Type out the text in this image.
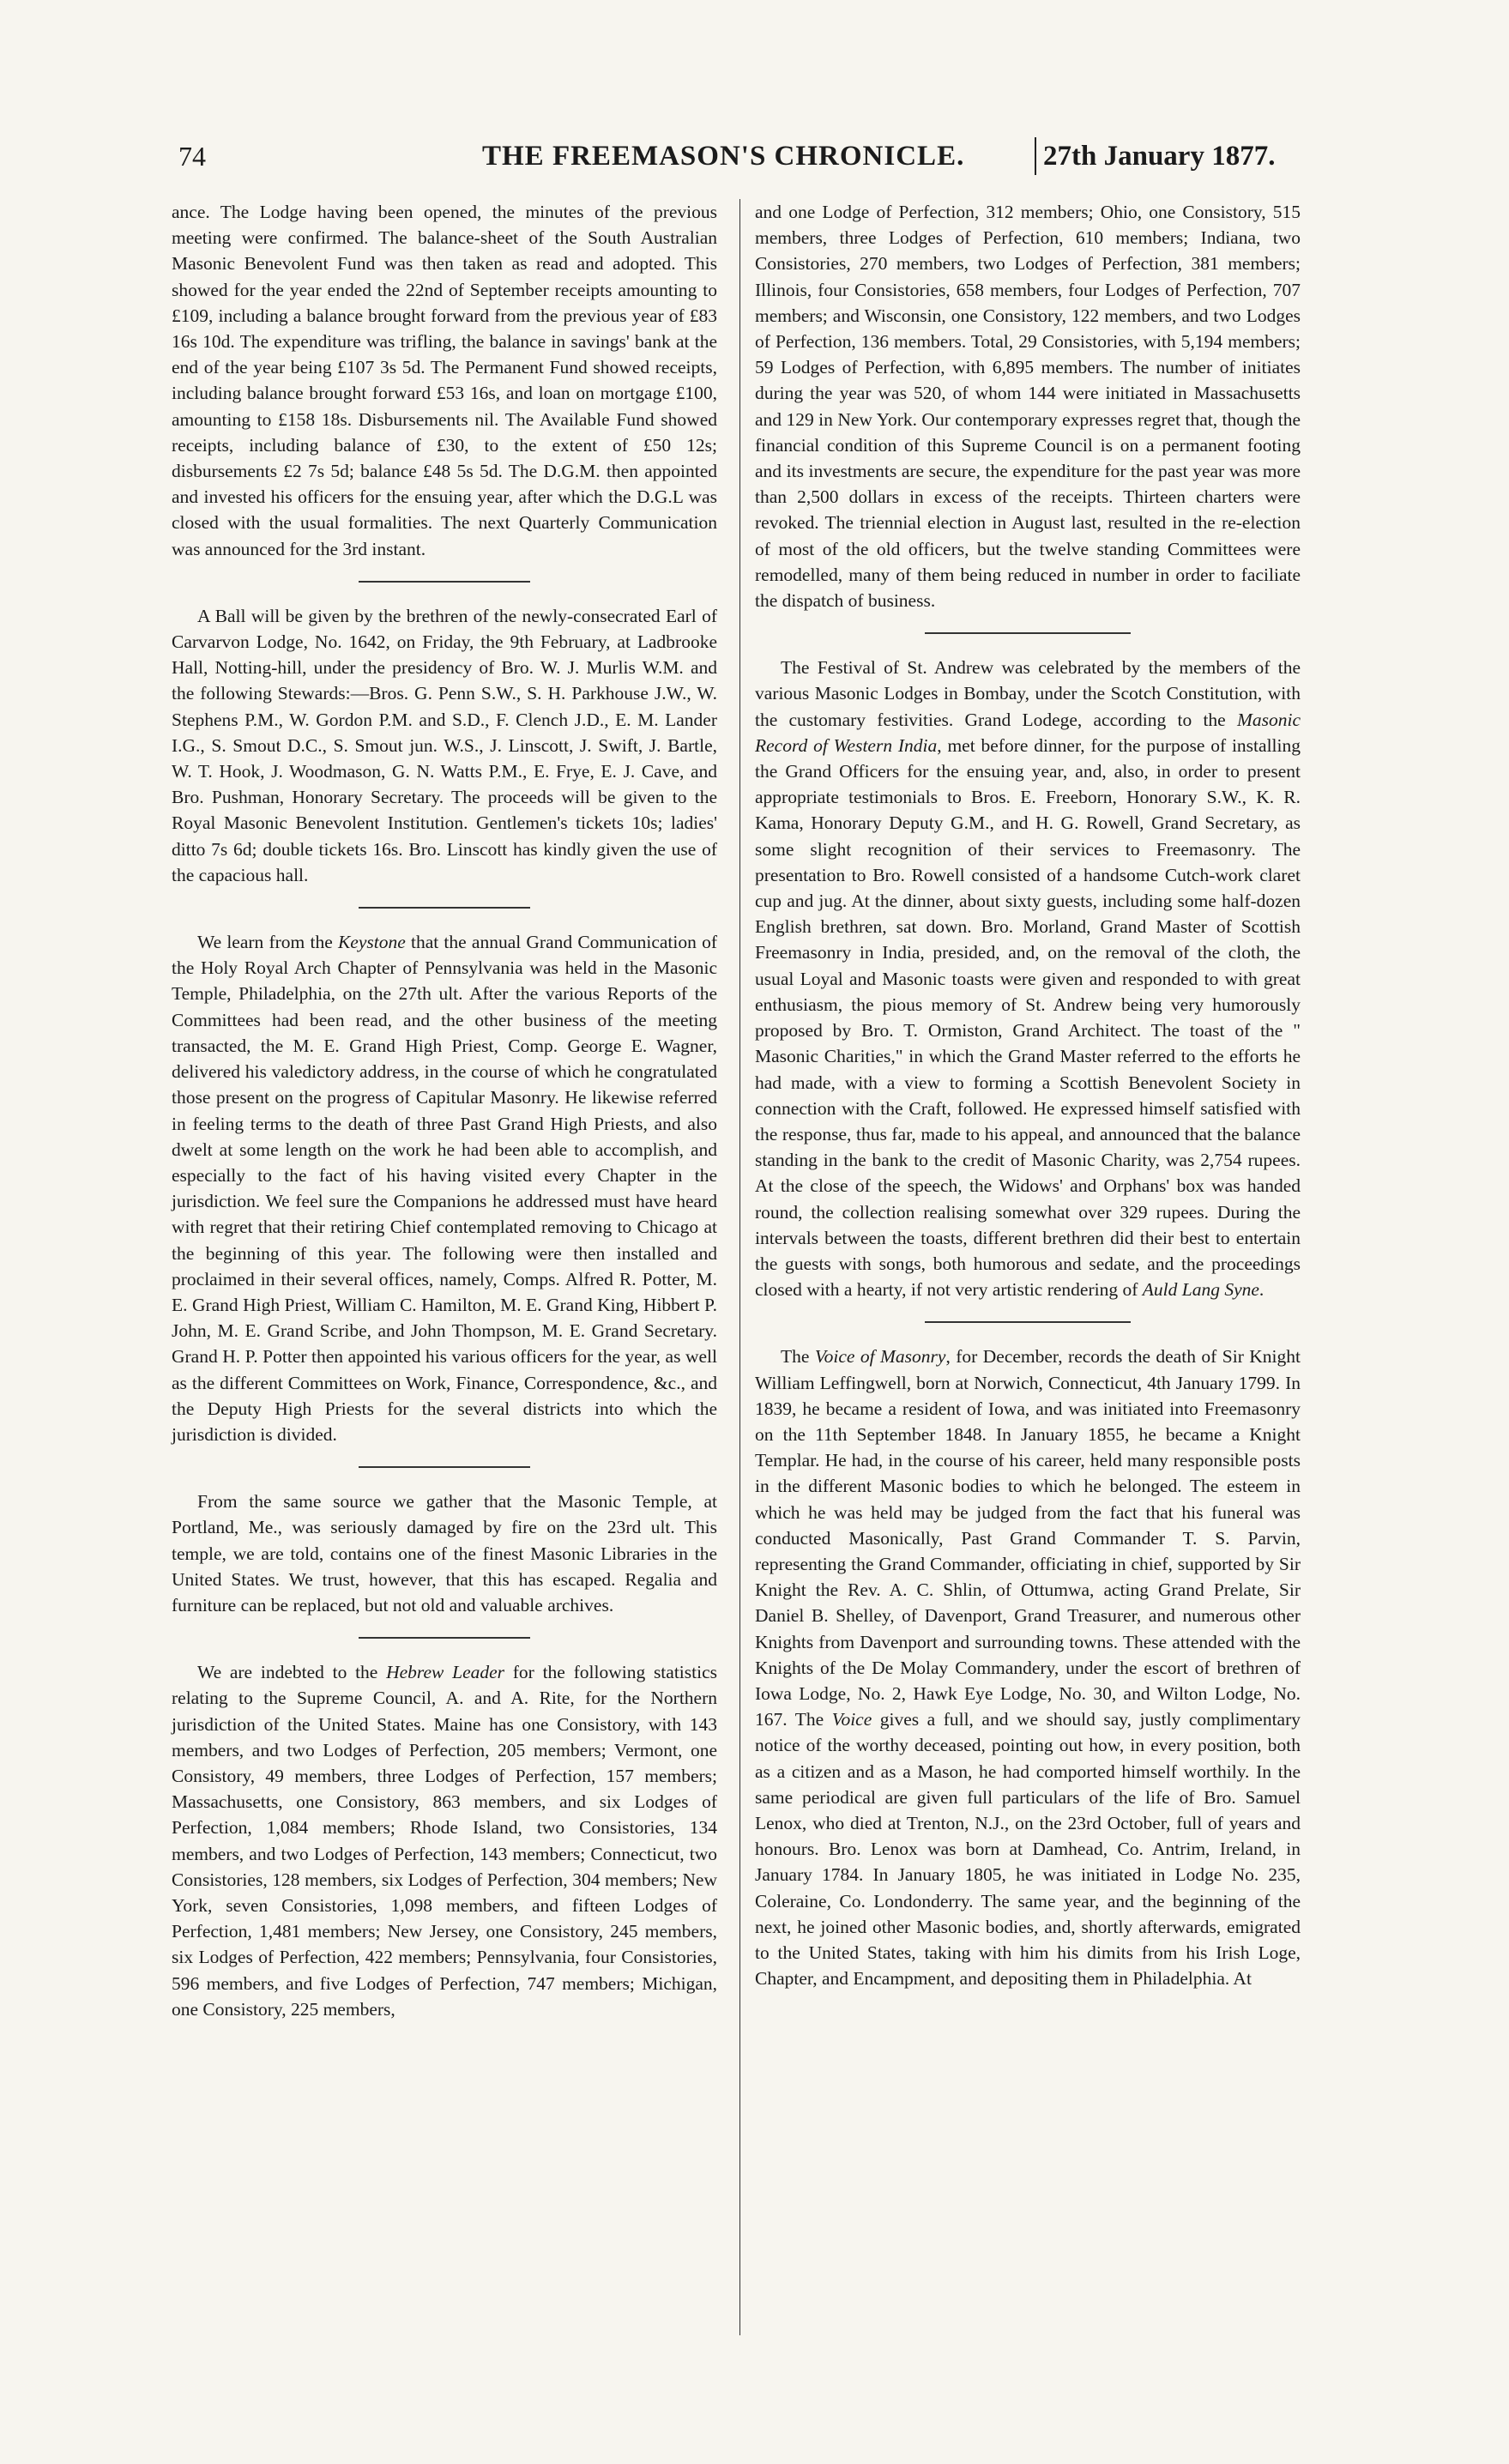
74	THE FREEMASON'S CHRONICLE.	27th January 1877.

ance. The Lodge having been opened, the minutes of the previous meeting were confirmed. The balance-sheet of the South Australian Masonic Benevolent Fund was then taken as read and adopted. This showed for the year ended the 22nd of September receipts amounting to £109, including a balance brought forward from the previous year of £83 16s 10d. The expenditure was trifling, the balance in savings' bank at the end of the year being £107 3s 5d. The Permanent Fund showed receipts, including balance brought forward £53 16s, and loan on mortgage £100, amounting to £158 18s. Disbursements nil. The Available Fund showed receipts, including balance of £30, to the extent of £50 12s; disbursements £2 7s 5d; balance £48 5s 5d. The D.G.M. then appointed and invested his officers for the ensuing year, after which the D.G.L was closed with the usual formalities. The next Quarterly Communication was announced for the 3rd instant.

A Ball will be given by the brethren of the newly-consecrated Earl of Carvarvon Lodge, No. 1642, on Friday, the 9th February, at Ladbrooke Hall, Notting-hill, under the presidency of Bro. W. J. Murlis W.M. and the following Stewards:—Bros. G. Penn S.W., S. H. Parkhouse J.W., W. Stephens P.M., W. Gordon P.M. and S.D., F. Clench J.D., E. M. Lander I.G., S. Smout D.C., S. Smout jun. W.S., J. Linscott, J. Swift, J. Bartle, W. T. Hook, J. Woodmason, G. N. Watts P.M., E. Frye, E. J. Cave, and Bro. Pushman, Honorary Secretary. The proceeds will be given to the Royal Masonic Benevolent Institution. Gentlemen's tickets 10s; ladies' ditto 7s 6d; double tickets 16s. Bro. Linscott has kindly given the use of the capacious hall.

We learn from the Keystone that the annual Grand Communication of the Holy Royal Arch Chapter of Pennsylvania was held in the Masonic Temple, Philadelphia, on the 27th ult. After the various Reports of the Committees had been read, and the other business of the meeting transacted, the M. E. Grand High Priest, Comp. George E. Wagner, delivered his valedictory address, in the course of which he congratulated those present on the progress of Capitular Masonry. He likewise referred in feeling terms to the death of three Past Grand High Priests, and also dwelt at some length on the work he had been able to accomplish, and especially to the fact of his having visited every Chapter in the jurisdiction. We feel sure the Companions he addressed must have heard with regret that their retiring Chief contemplated removing to Chicago at the beginning of this year. The following were then installed and proclaimed in their several offices, namely, Comps. Alfred R. Potter, M. E. Grand High Priest, William C. Hamilton, M. E. Grand King, Hibbert P. John, M. E. Grand Scribe, and John Thompson, M. E. Grand Secretary. Grand H. P. Potter then appointed his various officers for the year, as well as the different Committees on Work, Finance, Correspondence, &c., and the Deputy High Priests for the several districts into which the jurisdiction is divided.

From the same source we gather that the Masonic Temple, at Portland, Me., was seriously damaged by fire on the 23rd ult. This temple, we are told, contains one of the finest Masonic Libraries in the United States. We trust, however, that this has escaped. Regalia and furniture can be replaced, but not old and valuable archives.

We are indebted to the Hebrew Leader for the following statistics relating to the Supreme Council, A. and A. Rite, for the Northern jurisdiction of the United States. Maine has one Consistory, with 143 members, and two Lodges of Perfection, 205 members; Vermont, one Consistory, 49 members, three Lodges of Perfection, 157 members; Massachusetts, one Consistory, 863 members, and six Lodges of Perfection, 1,084 members; Rhode Island, two Consistories, 134 members, and two Lodges of Perfection, 143 members; Connecticut, two Consistories, 128 members, six Lodges of Perfection, 304 members; New York, seven Consistories, 1,098 members, and fifteen Lodges of Perfection, 1,481 members; New Jersey, one Consistory, 245 members, six Lodges of Perfection, 422 members; Pennsylvania, four Consistories, 596 members, and five Lodges of Perfection, 747 members; Michigan, one Consistory, 225 members,

and one Lodge of Perfection, 312 members; Ohio, one Consistory, 515 members, three Lodges of Perfection, 610 members; Indiana, two Consistories, 270 members, two Lodges of Perfection, 381 members; Illinois, four Consistories, 658 members, four Lodges of Perfection, 707 members; and Wisconsin, one Consistory, 122 members, and two Lodges of Perfection, 136 members. Total, 29 Consistories, with 5,194 members; 59 Lodges of Perfection, with 6,895 members. The number of initiates during the year was 520, of whom 144 were initiated in Massachusetts and 129 in New York. Our contemporary expresses regret that, though the financial condition of this Supreme Council is on a permanent footing and its investments are secure, the expenditure for the past year was more than 2,500 dollars in excess of the receipts. Thirteen charters were revoked. The triennial election in August last, resulted in the re-election of most of the old officers, but the twelve standing Committees were remodelled, many of them being reduced in number in order to faciliate the dispatch of business.

The Festival of St. Andrew was celebrated by the members of the various Masonic Lodges in Bombay, under the Scotch Constitution, with the customary festivities. Grand Lodege, according to the Masonic Record of Western India, met before dinner, for the purpose of installing the Grand Officers for the ensuing year, and, also, in order to present appropriate testimonials to Bros. E. Freeborn, Honorary S.W., K. R. Kama, Honorary Deputy G.M., and H. G. Rowell, Grand Secretary, as some slight recognition of their services to Freemasonry. The presentation to Bro. Rowell consisted of a handsome Cutch-work claret cup and jug. At the dinner, about sixty guests, including some half-dozen English brethren, sat down. Bro. Morland, Grand Master of Scottish Freemasonry in India, presided, and, on the removal of the cloth, the usual Loyal and Masonic toasts were given and responded to with great enthusiasm, the pious memory of St. Andrew being very humorously proposed by Bro. T. Ormiston, Grand Architect. The toast of the " Masonic Charities," in which the Grand Master referred to the efforts he had made, with a view to forming a Scottish Benevolent Society in connection with the Craft, followed. He expressed himself satisfied with the response, thus far, made to his appeal, and announced that the balance standing in the bank to the credit of Masonic Charity, was 2,754 rupees. At the close of the speech, the Widows' and Orphans' box was handed round, the collection realising somewhat over 329 rupees. During the intervals between the toasts, different brethren did their best to entertain the guests with songs, both humorous and sedate, and the proceedings closed with a hearty, if not very artistic rendering of Auld Lang Syne.

The Voice of Masonry, for December, records the death of Sir Knight William Leffingwell, born at Norwich, Connecticut, 4th January 1799. In 1839, he became a resident of Iowa, and was initiated into Freemasonry on the 11th September 1848. In January 1855, he became a Knight Templar. He had, in the course of his career, held many responsible posts in the different Masonic bodies to which he belonged. The esteem in which he was held may be judged from the fact that his funeral was conducted Masonically, Past Grand Commander T. S. Parvin, representing the Grand Commander, officiating in chief, supported by Sir Knight the Rev. A. C. Shlin, of Ottumwa, acting Grand Prelate, Sir Daniel B. Shelley, of Davenport, Grand Treasurer, and numerous other Knights from Davenport and surrounding towns. These attended with the Knights of the De Molay Commandery, under the escort of brethren of Iowa Lodge, No. 2, Hawk Eye Lodge, No. 30, and Wilton Lodge, No. 167. The Voice gives a full, and we should say, justly complimentary notice of the worthy deceased, pointing out how, in every position, both as a citizen and as a Mason, he had comported himself worthily. In the same periodical are given full particulars of the life of Bro. Samuel Lenox, who died at Trenton, N.J., on the 23rd October, full of years and honours. Bro. Lenox was born at Damhead, Co. Antrim, Ireland, in January 1784. In January 1805, he was initiated in Lodge No. 235, Coleraine, Co. Londonderry. The same year, and the beginning of the next, he joined other Masonic bodies, and, shortly afterwards, emigrated to the United States, taking with him his dimits from his Irish Loge, Chapter, and Encampment, and depositing them in Philadelphia. At
